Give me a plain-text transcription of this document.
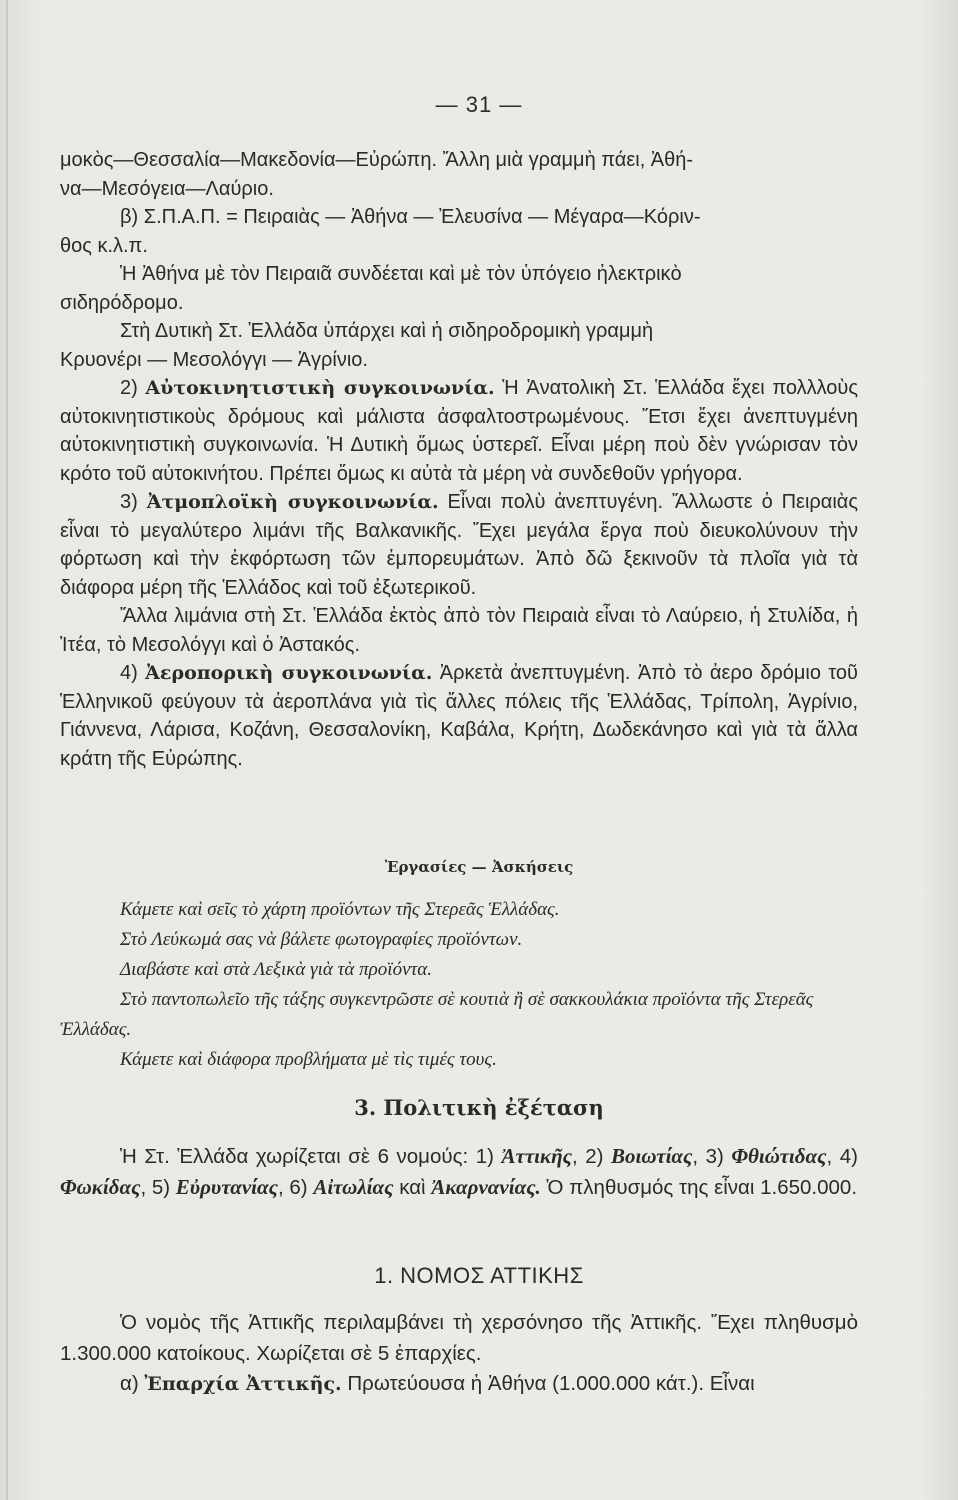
— 31 —

μοκὸς—Θεσσαλία—Μακεδονία—Εὐρώπη. Ἄλλη μιὰ γραμμὴ πάει, Ἀθή-

να—Μεσόγεια—Λαύριο.

β) Σ.Π.Α.Π. = Πειραιὰς — Ἀθήνα — Ἐλευσίνα — Μέγαρα—Κόριν-

θος κ.λ.π.

Ἡ Ἀθήνα μὲ τὸν Πειραιᾶ συνδέεται καὶ μὲ τὸν ὑπόγειο ἠλεκτρικὸ

σιδηρόδρομο.

Στὴ Δυτικὴ Στ. Ἑλλάδα ὑπάρχει καὶ ἡ σιδηροδρομικὴ γραμμὴ

Κρυονέρι — Μεσολόγγι — Ἀγρίνιο.

2) Αὐτοκινητιστικὴ συγκοινωνία. Ἡ Ἀνατολικὴ Στ. Ἑλλάδα ἔχει πολλλοὺς αὐτοκινητιστικοὺς δρόμους καὶ μάλιστα ἀσφαλτοστρωμένους. Ἔτσι ἔχει ἀνεπτυγμένη αὐτοκινητιστικὴ συγκοινωνία. Ἡ Δυτικὴ ὅμως ὑστερεῖ. Εἶναι μέρη ποὺ δὲν γνώρισαν τὸν κρότο τοῦ αὐτοκινήτου. Πρέπει ὅμως κι αὐτὰ τὰ μέρη νὰ συνδεθοῦν γρήγορα.

3) Ἀτμοπλοϊκὴ συγκοινωνία. Εἶναι πολὺ ἀνεπτυγένη. Ἄλλωστε ὁ Πειραιὰς εἶναι τὸ μεγαλύτερο λιμάνι τῆς Βαλκανικῆς. Ἔχει μεγάλα ἔργα ποὺ διευκολύνουν τὴν φόρτωση καὶ τὴν ἐκφόρτωση τῶν ἐμπορευμάτων. Ἀπὸ δῶ ξεκινοῦν τὰ πλοῖα γιὰ τὰ διάφορα μέρη τῆς Ἑλλάδος καὶ τοῦ ἐξωτερικοῦ.

Ἄλλα λιμάνια στὴ Στ. Ἑλλάδα ἐκτὸς ἀπὸ τὸν Πειραιὰ εἶναι τὸ Λαύρειο, ἡ Στυλίδα, ἡ Ἰτέα, τὸ Μεσολόγγι καὶ ὁ Ἀστακός.

4) Ἀεροπορικὴ συγκοινωνία. Ἀρκετὰ ἀνεπτυγμένη. Ἀπὸ τὸ ἀερο δρόμιο τοῦ Ἑλληνικοῦ φεύγουν τὰ ἀεροπλάνα γιὰ τὶς ἄλλες πόλεις τῆς Ἑλλάδας, Τρίπολη, Ἀγρίνιο, Γιάννενα, Λάρισα, Κοζάνη, Θεσσαλονίκη, Καβάλα, Κρήτη, Δωδεκάνησο καὶ γιὰ τὰ ἄλλα κράτη τῆς Εὐρώπης.

Ἐργασίες — Ἀσκήσεις

Κάμετε καὶ σεῖς τὸ χάρτη προϊόντων τῆς Στερεᾶς Ἑλλάδας.

Στὸ Λεύκωμά σας νὰ βάλετε φωτογραφίες προϊόντων.

Διαβάστε καὶ στὰ Λεξικὰ γιὰ τὰ προϊόντα.

Στὸ παντοπωλεῖο τῆς τάξης συγκεντρῶστε σὲ κουτιὰ ἢ σὲ σακκουλάκια προϊόντα τῆς Στερεᾶς Ἑλλάδας.

Κάμετε καὶ διάφορα προβλήματα μὲ τὶς τιμές τους.

3. Πολιτικὴ ἐξέταση

Ἡ Στ. Ἑλλάδα χωρίζεται σὲ 6 νομούς: 1) Ἀττικῆς, 2) Βοιωτίας, 3) Φθιώτιδας, 4) Φωκίδας, 5) Εὐρυτανίας, 6) Αἰτωλίας καὶ Ἀκαρνανίας. Ὁ πληθυσμός της εἶναι 1.650.000.

1. ΝΟΜΟΣ ΑΤΤΙΚΗΣ

Ὁ νομὸς τῆς Ἀττικῆς περιλαμβάνει τὴ χερσόνησο τῆς Ἀττικῆς. Ἔχει πληθυσμὸ 1.300.000 κατοίκους. Χωρίζεται σὲ 5 ἐπαρχίες.

α) Ἐπαρχία Ἀττικῆς. Πρωτεύουσα ἡ Ἀθήνα (1.000.000 κάτ.). Εἶναι
